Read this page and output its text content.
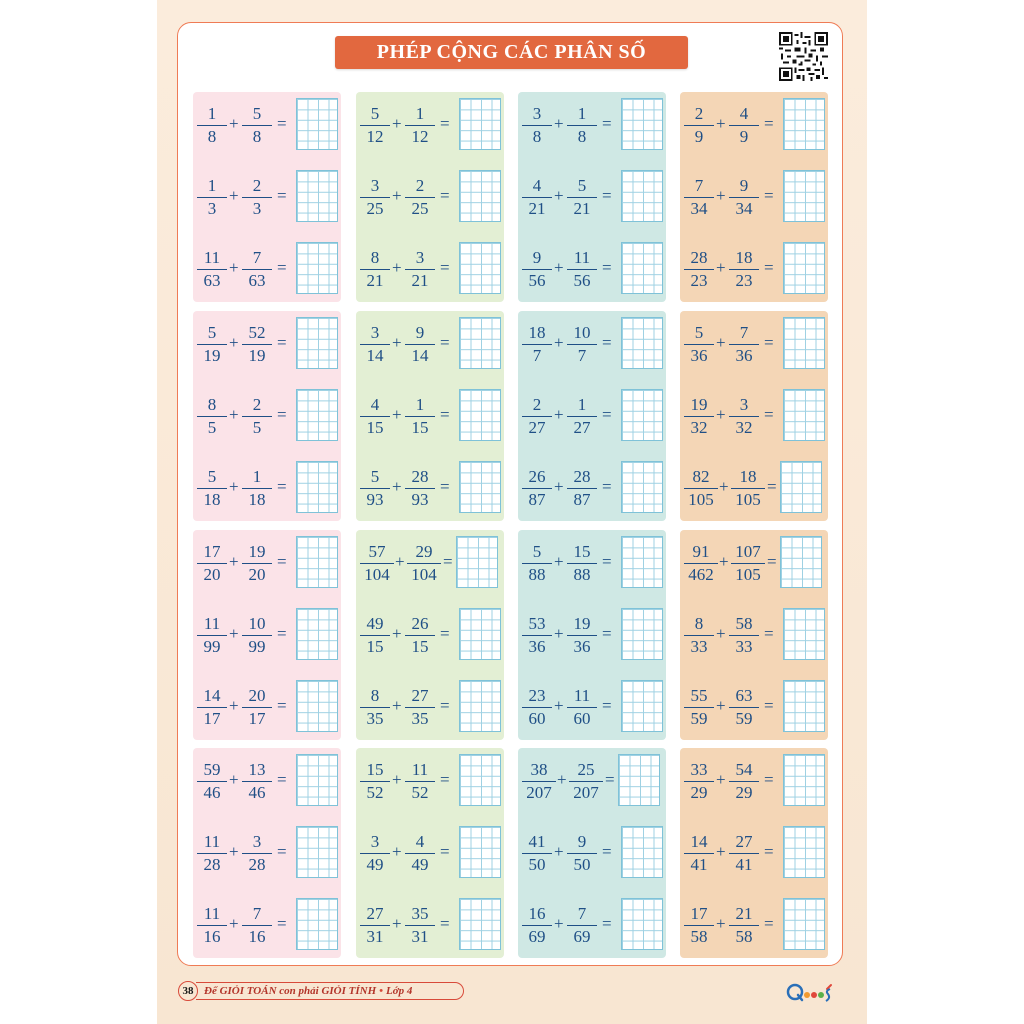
PHÉP CỘNG CÁC PHÂN SỐ
1
8
+
5
8
=
1
3
+
2
3
=
11
63
+
7
63
=
5
12
+
1
12
=
3
25
+
2
25
=
8
21
+
3
21
=
3
8
+
1
8
=
4
21
+
5
21
=
9
56
+
11
56
=
2
9
+
4
9
=
7
34
+
9
34
=
28
23
+
18
23
=
5
19
+
52
19
=
8
5
+
2
5
=
5
18
+
1
18
=
3
14
+
9
14
=
4
15
+
1
15
=
5
93
+
28
93
=
18
7
+
10
7
=
2
27
+
1
27
=
26
87
+
28
87
=
5
36
+
7
36
=
19
32
+
3
32
=
82
105
+
18
105
=
17
20
+
19
20
=
11
99
+
10
99
=
14
17
+
20
17
=
57
104
+
29
104
=
49
15
+
26
15
=
8
35
+
27
35
=
5
88
+
15
88
=
53
36
+
19
36
=
23
60
+
11
60
=
91
462
+
107
105
=
8
33
+
58
33
=
55
59
+
63
59
=
59
46
+
13
46
=
11
28
+
3
28
=
11
16
+
7
16
=
15
52
+
11
52
=
3
49
+
4
49
=
27
31
+
35
31
=
38
207
+
25
207
=
41
50
+
9
50
=
16
69
+
7
69
=
33
29
+
54
29
=
14
41
+
27
41
=
17
58
+
21
58
=
38 Để GIỎI TOÁN con phải GIỎI TÍNH • Lớp 4
